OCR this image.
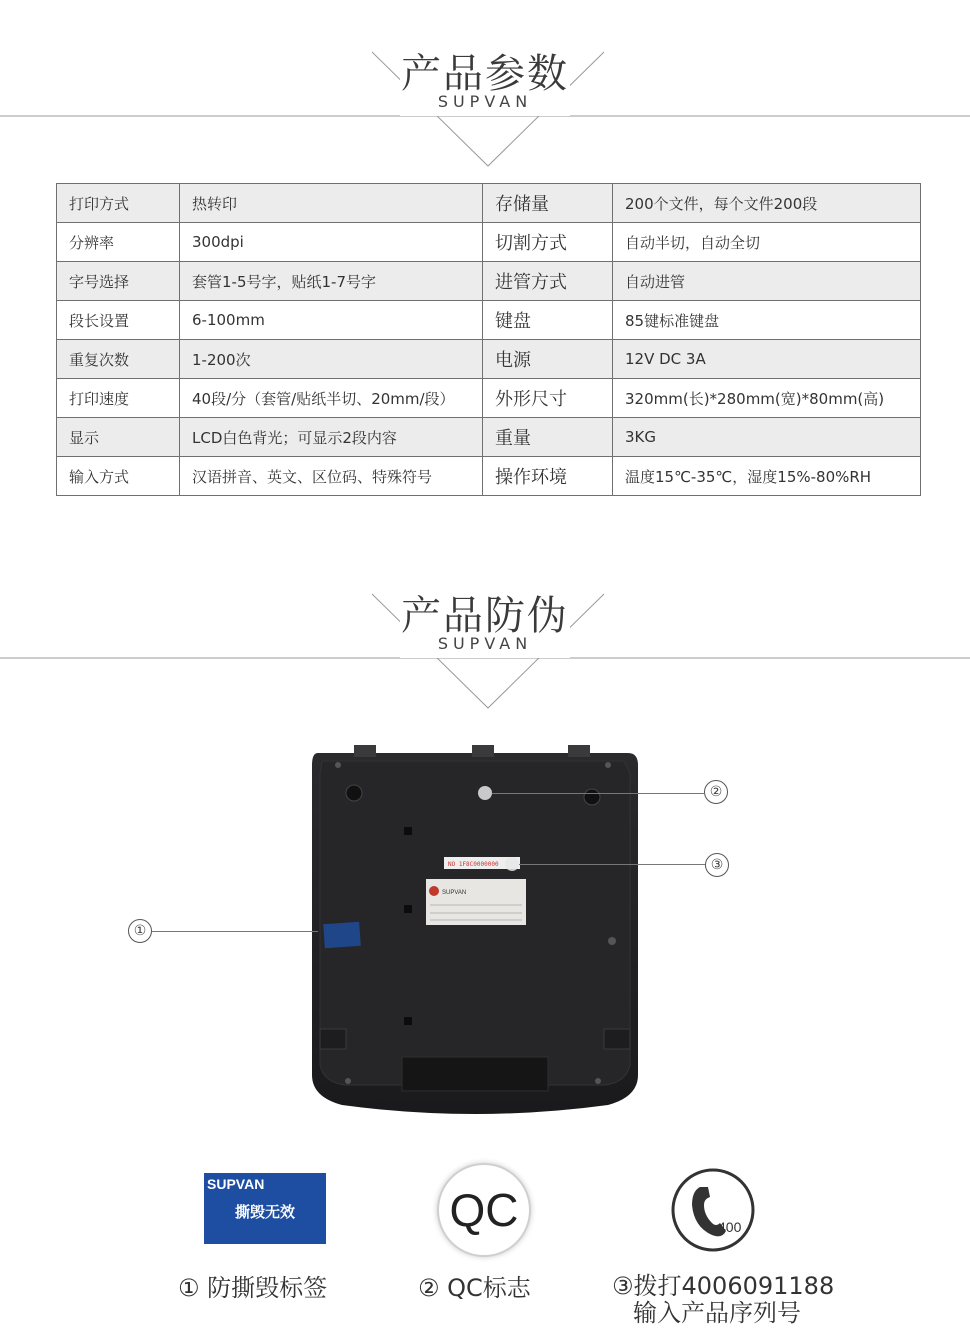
产品参数
SUPVAN
打印方式	热转印	存储量	200个文件，每个文件200段
分辨率	300dpi	切割方式	自动半切，自动全切
字号选择	套管1-5号字，贴纸1-7号字	进管方式	自动进管
段长设置	6-100mm	键盘	85键标准键盘
重复次数	1-200次	电源	12V DC 3A
打印速度	40段/分（套管/贴纸半切、20mm/段）	外形尺寸	320mm(长)*280mm(宽)*80mm(高)
显示	LCD白色背光；可显示2段内容	重量	3KG
输入方式	汉语拼音、英文、区位码、特殊符号	操作环境	温度15℃-35℃，湿度15%-80%RH
产品防伪
SUPVAN
NO 1F8C0000000
SUPVAN
②
③
①
SUPVAN
撕毁无效	QC	400
① 防撕毁标签	② QC标志	③拨打4006091188
输入产品序列号
